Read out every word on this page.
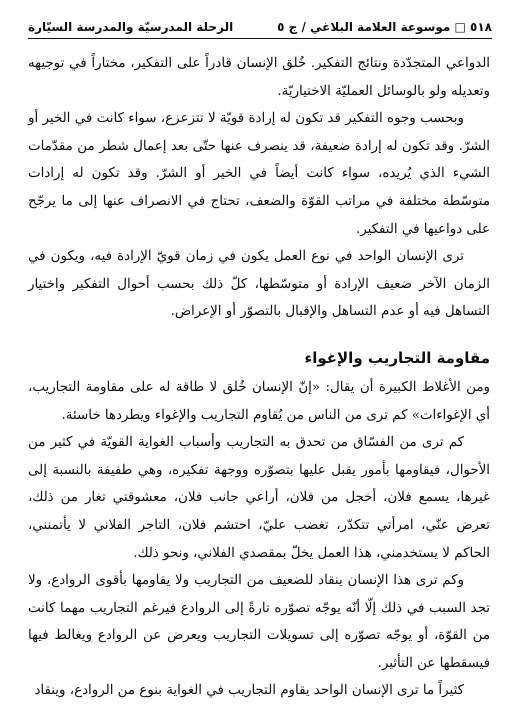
٥١٨ □ موسوعة العلامة البلاغي / ج ٥
الرحلة المدرسيّة والمدرسة السيّارة

الدواعي المتجدّدة ونتائج التفكير. خُلق الإنسان قادراً على التفكير، مختاراً في توجيهه وتعديله ولو بالوسائل العمليّة الاختياريّة.

وبحسب وجوه التفكير قد تكون له إرادة قويّة لا تتزعزع، سواء كانت في الخير أو الشرّ. وقد تكون له إرادة ضعيفة، قد ينصرف عنها حتّى بعد إعمال شطر من مقدّمات الشيء الذي يُريده، سواء كانت أيضاً في الخير أو الشرّ. وقد تكون له إرادات متوسّطة مختلفة في مراتب القوّة والضعف، تحتاج في الانصراف عنها إلى ما يرجّح على دواعيها في التفكير.

ترى الإنسان الواحد في نوع العمل يكون في زمان قويّ الإرادة فيه، ويكون في الزمان الآخر ضعيف الإرادة أو متوسّطها، كلّ ذلك بحسب أحوال التفكير واختيار التساهل فيه أو عدم التساهل والإقبال بالتصوّر أو الإعراض.

مقاومة التجاريب والإغواء

ومن الأغلاط الكبيرة أن يقال: «إنّ الإنسان خُلق لا طاقة له على مقاومة التجاريب، أي الإغواءات» كم ترى من الناس من يُقاوم التجاريب والإغواء ويطردها خاسئة.

كم ترى من الفسّاق من تحدق به التجاريب وأسباب الغواية القويّة في كثير من الأحوال، فيقاومها بأمور يقبل عليها بتصوّره ووجهة تفكيره، وهي طفيفة بالنسبة إلى غيرها، يسمع فلان، أخجل من فلان، أراعي جانب فلان، معشوقتي تغار من ذلك، تعرض عنّي، امرأتي تتكدّر، تغضب عليّ، احتشم فلان، التاجر الفلاني لا يأتمنني، الحاكم لا يستخدمني، هذا العمل يخلّ بمقصدي الفلاني، ونحو ذلك.

وكم ترى هذا الإنسان ينقاد للضعيف من التجاريب ولا يقاومها بأقوى الروادع، ولا تجد السبب في ذلك إلّا أنّه يوجّه تصوّره تارةً إلى الروادع فيرغم التجاريب مهما كانت من القوّة، أو يوجّه تصوّره إلى تسويلات التجاريب ويعرض عن الروادع ويغالط فيها فيسقطها عن التأثير.

كثيراً ما ترى الإنسان الواحد يقاوم التجاريب في الغواية بنوع من الروادع، وينقاد
